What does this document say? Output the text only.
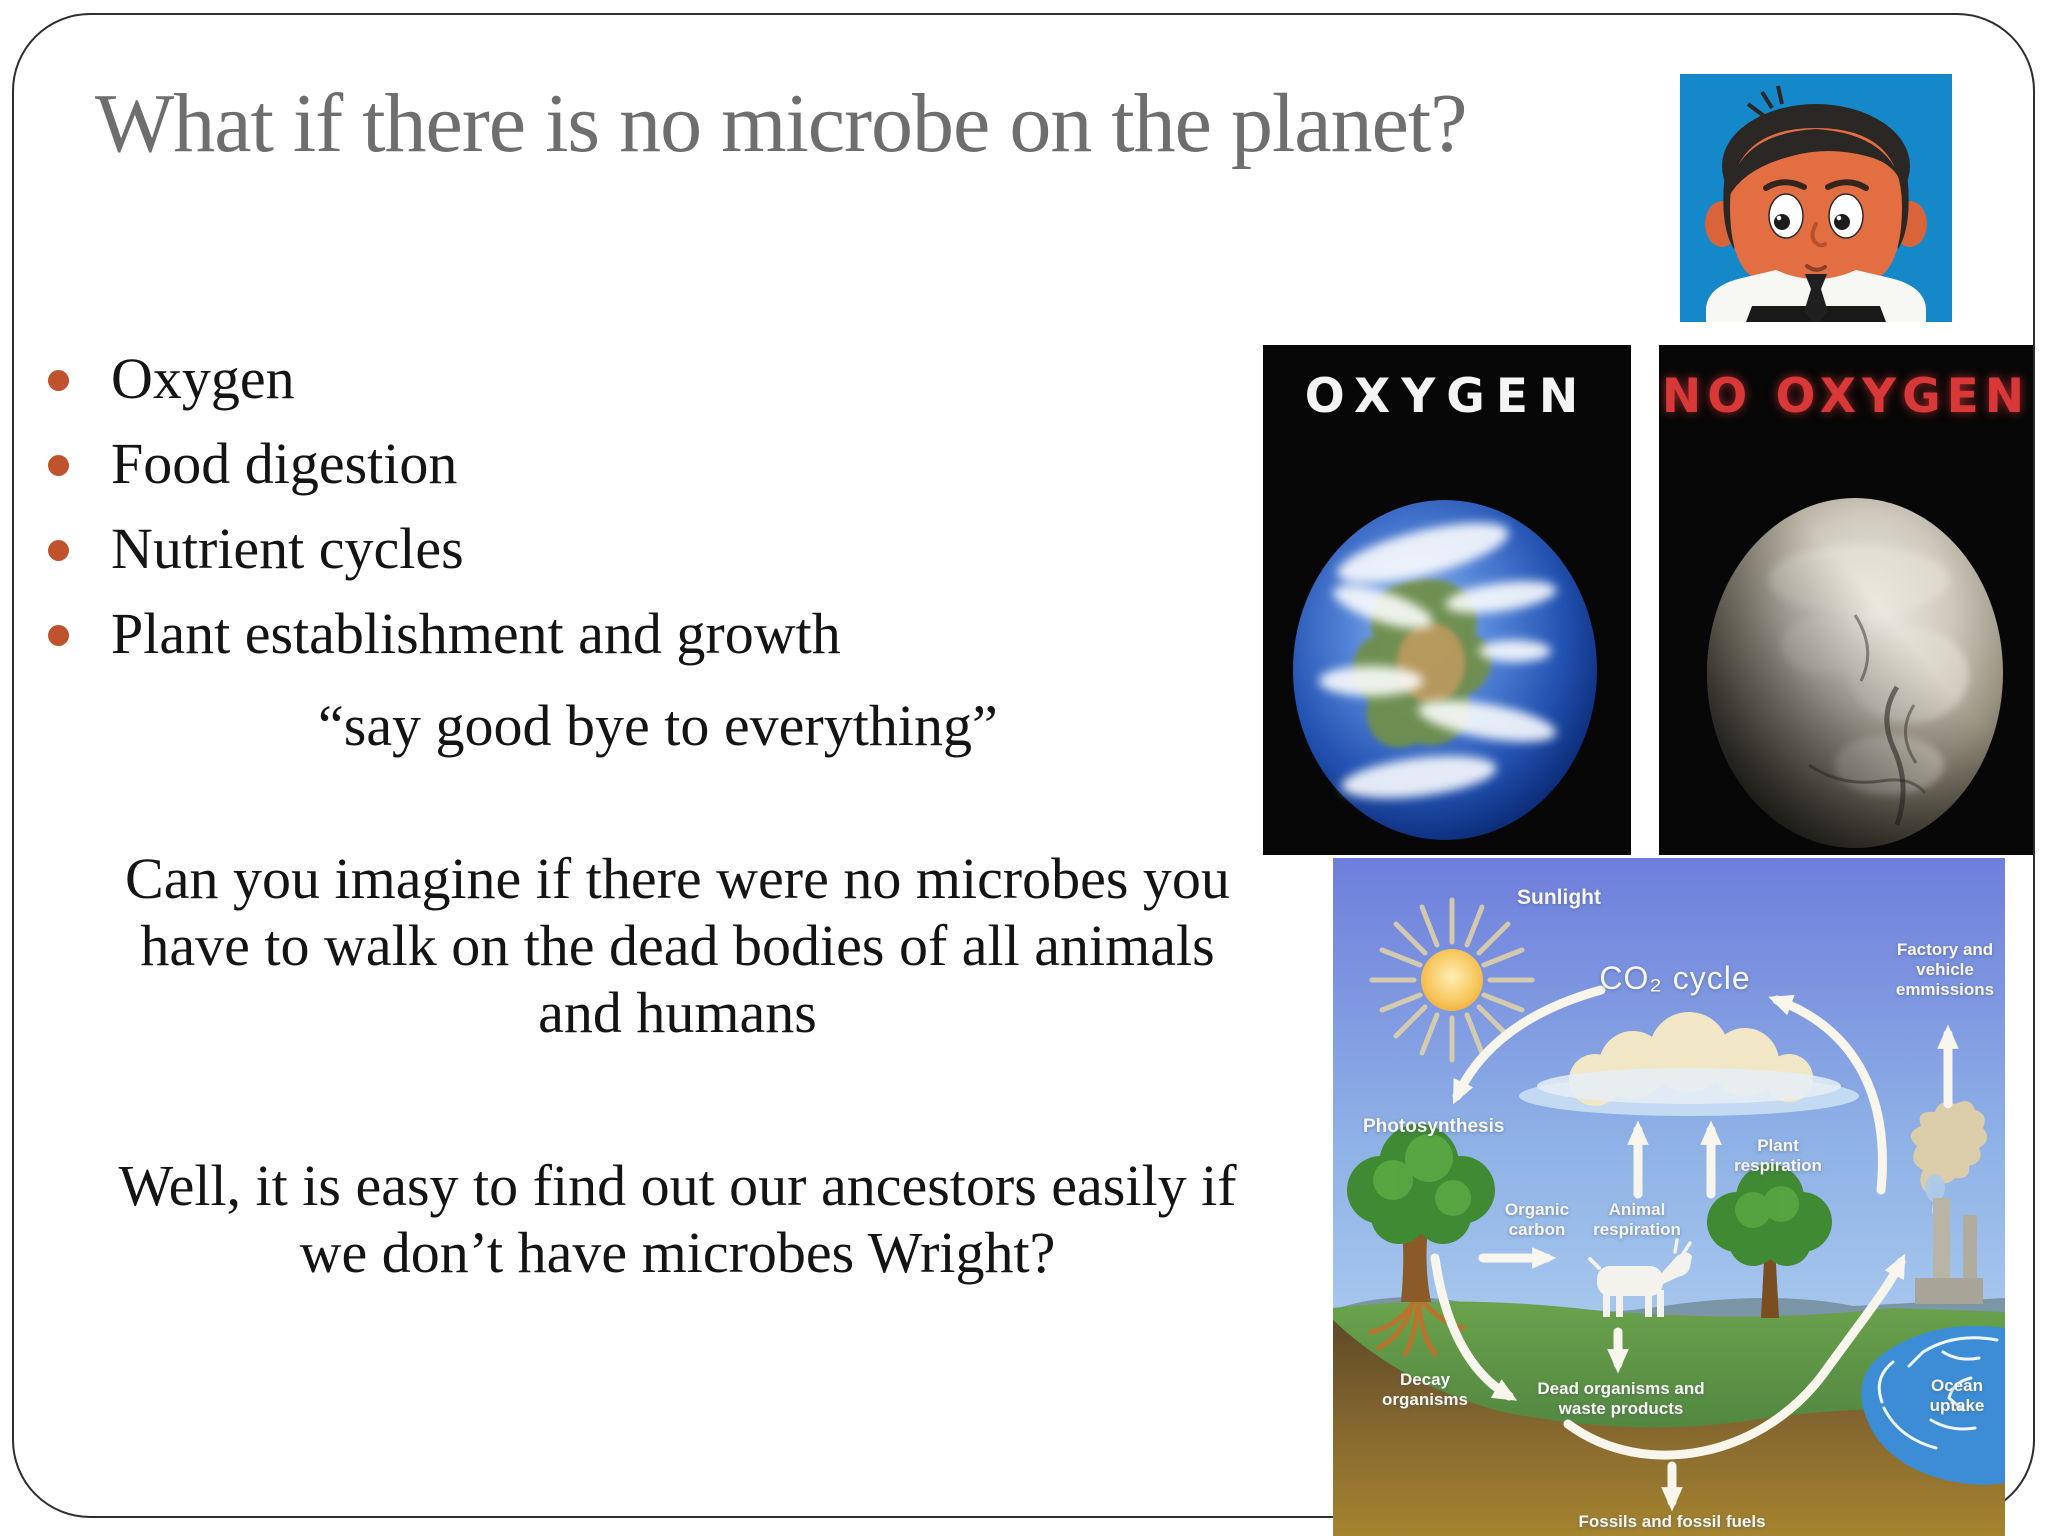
What if there is no microbe on the planet?
Oxygen
Food digestion
Nutrient cycles
Plant establishment and growth
“say good bye to everything”
Can you imagine if there were no microbes you
have to walk on the dead bodies of all animals
and humans
Well, it is easy to find out our ancestors easily if
we don’t have microbes Wright?
OXYGEN	NO OXYGEN
Sunlight
CO₂ cycle
Factory and vehicle emmissions
Photosynthesis
Plant respiration
Organic carbon
Animal respiration
Decay organisms
Dead organisms and waste products
Ocean uptake
Fossils and fossil fuels
